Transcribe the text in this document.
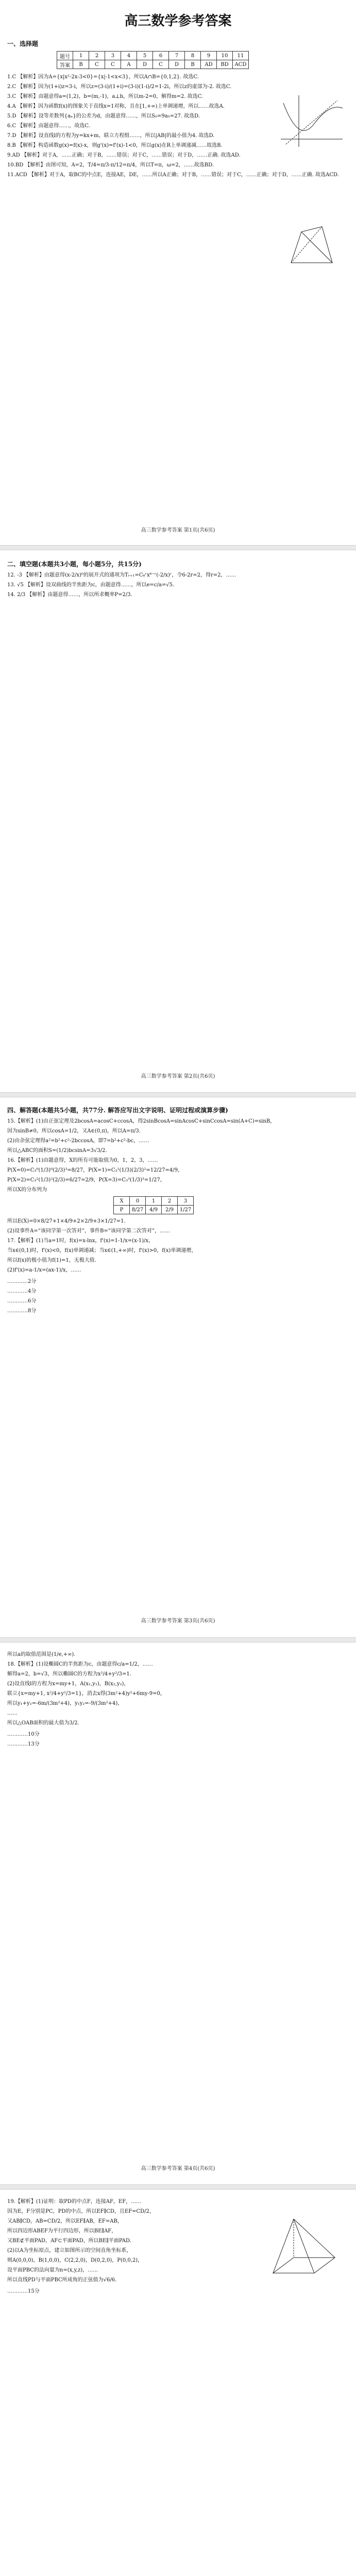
高三数学参考答案
一、选择题
题号	1	2	3	4	5	6	7	8	9	10	11
答案	B	C	C	A	D	C	D	B	AD	BD	ACD

1.C 【解析】因为A={x|x²-2x-3<0}={x|-1<x<3}，所以A∩B={0,1,2}. 故选C.

2.C 【解析】因为(1+i)z=3-i，所以z=(3-i)/(1+i)=(3-i)(1-i)/2=1-2i，所以z的虚部为-2. 故选C.

3.C 【解析】由题意得a=(1,2)，b=(m,-1)，a⊥b，所以m-2=0，解得m=2. 故选C.

4.A 【解析】因为函数f(x)的图象关于直线x=1对称，且在[1,+∞)上单调递增，所以……故选A.

5.D 【解析】设等差数列{aₙ}的公差为d，由题意得……，所以S₉=9a₅=27. 故选D.

6.C 【解析】由题意得……，故选C.

7.D 【解析】设直线l的方程为y=kx+m，联立方程组……，所以|AB|的最小值为4. 故选D.

8.B 【解析】构造函数g(x)=f(x)-x，则g'(x)=f'(x)-1<0，所以g(x)在R上单调递减……故选B.

9.AD 【解析】对于A，……正确；对于B，……错误；对于C，……错误；对于D，……正确. 故选AD.

10.BD 【解析】由图可知，A=2，T/4=π/3-π/12=π/4，所以T=π，ω=2，……故选BD.

11.ACD 【解析】对于A，取BC的中点E，连接AE，DE，……所以A正确；对于B，……错误；对于C，……正确；对于D，……正确. 故选ACD.

高三数学参考答案 第1页(共6页)
二、填空题(本题共3小题，每小题5分，共15分)

12. -3 【解析】由题意得(x-2/x)⁶的展开式的通项为Tᵣ₊₁=C₆ʳx⁶⁻ʳ(-2/x)ʳ，令6-2r=2，得r=2，……

13. √5 【解析】设双曲线的半焦距为c，由题意得……，所以e=c/a=√5.

14. 2/3 【解析】由题意得……，所以所求概率P=2/3.

高三数学参考答案 第2页(共6页)
四、解答题(本题共5小题，共77分. 解答应写出文字说明、证明过程或演算步骤)

15.【解析】(1)由正弦定理及2bcosA=acosC+ccosA，得2sinBcosA=sinAcosC+sinCcosA=sin(A+C)=sinB，

因为sinB≠0，所以cosA=1/2，又A∈(0,π)，所以A=π/3.

(2)由余弦定理得a²=b²+c²-2bccosA，即7=b²+c²-bc，……

所以△ABC的面积S=(1/2)bcsinA=3√3/2.

16.【解析】(1)由题意得，X的所有可能取值为0，1，2，3，……

P(X=0)=C₃⁰(1/3)⁰(2/3)³=8/27，P(X=1)=C₃¹(1/3)(2/3)²=12/27=4/9，

P(X=2)=C₃²(1/3)²(2/3)=6/27=2/9，P(X=3)=C₃³(1/3)³=1/27，

所以X的分布列为

X	0	1	2	3
P	8/27	4/9	2/9	1/27

所以E(X)=0×8/27+1×4/9+2×2/9+3×1/27=1.

(2)设事件A=“该同学第一次答对”，事件B=“该同学第二次答对”，……

17.【解析】(1)当a=1时，f(x)=x-lnx，f'(x)=1-1/x=(x-1)/x，

当x∈(0,1)时，f'(x)<0，f(x)单调递减；当x∈(1,+∞)时，f'(x)>0，f(x)单调递增，

所以f(x)的极小值为f(1)=1，无极大值.

(2)f'(x)=a-1/x=(ax-1)/x，……

…………2分

…………4分

…………6分

…………8分

高三数学参考答案 第3页(共6页)

所以a的取值范围是(1/e,+∞).

18.【解析】(1)设椭圆C的半焦距为c，由题意得c/a=1/2，……

解得a=2，b=√3，所以椭圆C的方程为x²/4+y²/3=1.

(2)设直线l的方程为x=my+1，A(x₁,y₁)，B(x₂,y₂)，

联立{x=my+1, x²/4+y²/3=1}，消去x得(3m²+4)y²+6my-9=0，

所以y₁+y₂=-6m/(3m²+4)，y₁y₂=-9/(3m²+4)，

……

所以△OAB面积的最大值为3/2.

…………10分

…………13分

高三数学参考答案 第4页(共6页)

19.【解析】(1)证明：取PD的中点F，连接AF，EF，……

因为E，F分别是PC，PD的中点，所以EF∥CD，且EF=CD/2，

又AB∥CD，AB=CD/2，所以EF∥AB，EF=AB，

所以四边形ABEF为平行四边形，所以BE∥AF，

又BE⊄平面PAD，AF⊂平面PAD，所以BE∥平面PAD.

(2)以A为坐标原点，建立如图所示的空间直角坐标系，

则A(0,0,0)，B(1,0,0)，C(2,2,0)，D(0,2,0)，P(0,0,2)，

设平面PBC的法向量为n=(x,y,z)，……

所以直线PD与平面PBC所成角的正弦值为√6/6.

…………15分
